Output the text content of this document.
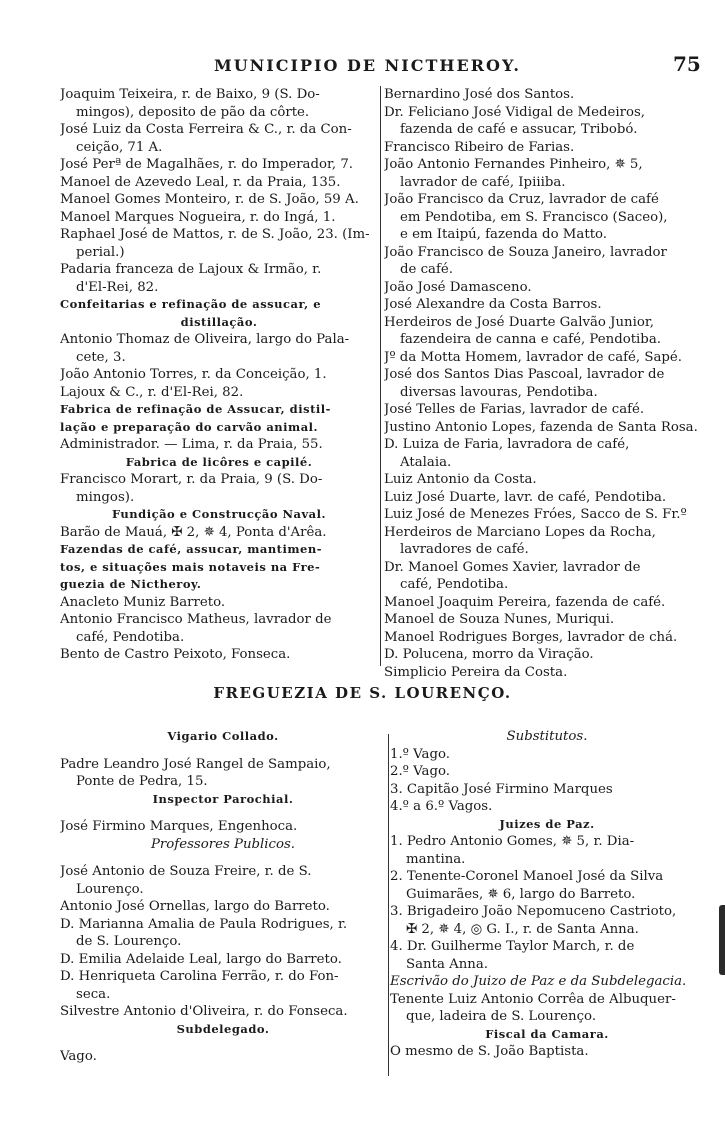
MUNICIPIO DE NICTHEROY.	75
Joaquim Teixeira, r. de Baixo, 9 (S. Do-
mingos), deposito de pão da côrte.
José Luiz da Costa Ferreira & C., r. da Con-
ceição, 71 A.
José Perª de Magalhães, r. do Imperador, 7.
Manoel de Azevedo Leal, r. da Praia, 135.
Manoel Gomes Monteiro, r. de S. João, 59 A.
Manoel Marques Nogueira, r. do Ingá, 1.
Raphael José de Mattos, r. de S. João, 23. (Im-
perial.)
Padaria franceza de Lajoux & Irmão, r.
d'El-Rei, 82.
Confeitarias e refinação de assucar, e
distillação.
Antonio Thomaz de Oliveira, largo do Pala-
cete, 3.
João Antonio Torres, r. da Conceição, 1.
Lajoux & C., r. d'El-Rei, 82.
Fabrica de refinação de Assucar, distil-
lação e preparação do carvão animal.
Administrador. — Lima, r. da Praia, 55.
Fabrica de licôres e capilé.
Francisco Morart, r. da Praia, 9 (S. Do-
mingos).
Fundição e Construcção Naval.
Barão de Mauá, ✠ 2, ✵ 4, Ponta d'Arêa.
Fazendas de café, assucar, mantimen-
tos, e situações mais notaveis na Fre-
guezia de Nictheroy.
Anacleto Muniz Barreto.
Antonio Francisco Matheus, lavrador de
café, Pendotiba.
Bento de Castro Peixoto, Fonseca.
Bernardino José dos Santos.
Dr. Feliciano José Vidigal de Medeiros,
fazenda de café e assucar, Tribobó.
Francisco Ribeiro de Farias.
João Antonio Fernandes Pinheiro, ✵ 5,
lavrador de café, Ipiiiba.
João Francisco da Cruz, lavrador de café
em Pendotiba, em S. Francisco (Saceo),
e em Itaipú, fazenda do Matto.
João Francisco de Souza Janeiro, lavrador
de café.
João José Damasceno.
José Alexandre da Costa Barros.
Herdeiros de José Duarte Galvão Junior,
fazendeira de canna e café, Pendotiba.
Jº da Motta Homem, lavrador de café, Sapé.
José dos Santos Dias Pascoal, lavrador de
diversas lavouras, Pendotiba.
José Telles de Farias, lavrador de café.
Justino Antonio Lopes, fazenda de Santa Rosa.
D. Luiza de Faria, lavradora de café,
Atalaia.
Luiz Antonio da Costa.
Luiz José Duarte, lavr. de café, Pendotiba.
Luiz José de Menezes Fróes, Sacco de S. Fr.º
Herdeiros de Marciano Lopes da Rocha,
lavradores de café.
Dr. Manoel Gomes Xavier, lavrador de
café, Pendotiba.
Manoel Joaquim Pereira, fazenda de café.
Manoel de Souza Nunes, Muriqui.
Manoel Rodrigues Borges, lavrador de chá.
D. Polucena, morro da Viração.
Simplicio Pereira da Costa.
FREGUEZIA DE S. LOURENÇO.
Vigario Collado.
Padre Leandro José Rangel de Sampaio,
Ponte de Pedra, 15.
Inspector Parochial.
José Firmino Marques, Engenhoca.
Professores Publicos.
José Antonio de Souza Freire, r. de S.
Lourenço.
Antonio José Ornellas, largo do Barreto.
D. Marianna Amalia de Paula Rodrigues, r.
de S. Lourenço.
D. Emilia Adelaide Leal, largo do Barreto.
D. Henriqueta Carolina Ferrão, r. do Fon-
seca.
Silvestre Antonio d'Oliveira, r. do Fonseca.
Subdelegado.
Vago.
Substitutos.
1.º Vago.
2.º Vago.
3. Capitão José Firmino Marques
4.º a 6.º Vagos.
Juizes de Paz.
1. Pedro Antonio Gomes, ✵ 5, r. Dia-
mantina.
2. Tenente-Coronel Manoel José da Silva
Guimarães, ✵ 6, largo do Barreto.
3. Brigadeiro João Nepomuceno Castrioto,
✠ 2, ✵ 4, ◎ G. I., r. de Santa Anna.
4. Dr. Guilherme Taylor March, r. de
Santa Anna.
Escrivão do Juizo de Paz e da Subdelegacia.
Tenente Luiz Antonio Corrêa de Albuquer-
que, ladeira de S. Lourenço.
Fiscal da Camara.
O mesmo de S. João Baptista.
